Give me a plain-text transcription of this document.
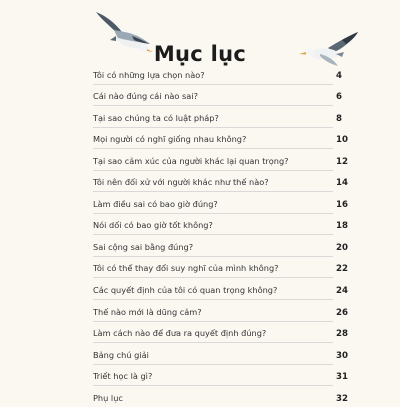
Mục lục
Tôi có những lựa chọn nào?	4
Cái nào đúng cái nào sai?	6
Tại sao chúng ta có luật pháp?	8
Mọi người có nghĩ giống nhau không?	10
Tại sao cảm xúc của người khác lại quan trọng?	12
Tôi nên đối xử với người khác như thế nào?	14
Làm điều sai có bao giờ đúng?	16
Nói dối có bao giờ tốt không?	18
Sai cộng sai bằng đúng?	20
Tôi có thể thay đổi suy nghĩ của mình không?	22
Các quyết định của tôi có quan trọng không?	24
Thế nào mới là dũng cảm?	26
Làm cách nào để đưa ra quyết định đúng?	28
Bảng chú giải	30
Triết học là gì?	31
Phụ lục	32
